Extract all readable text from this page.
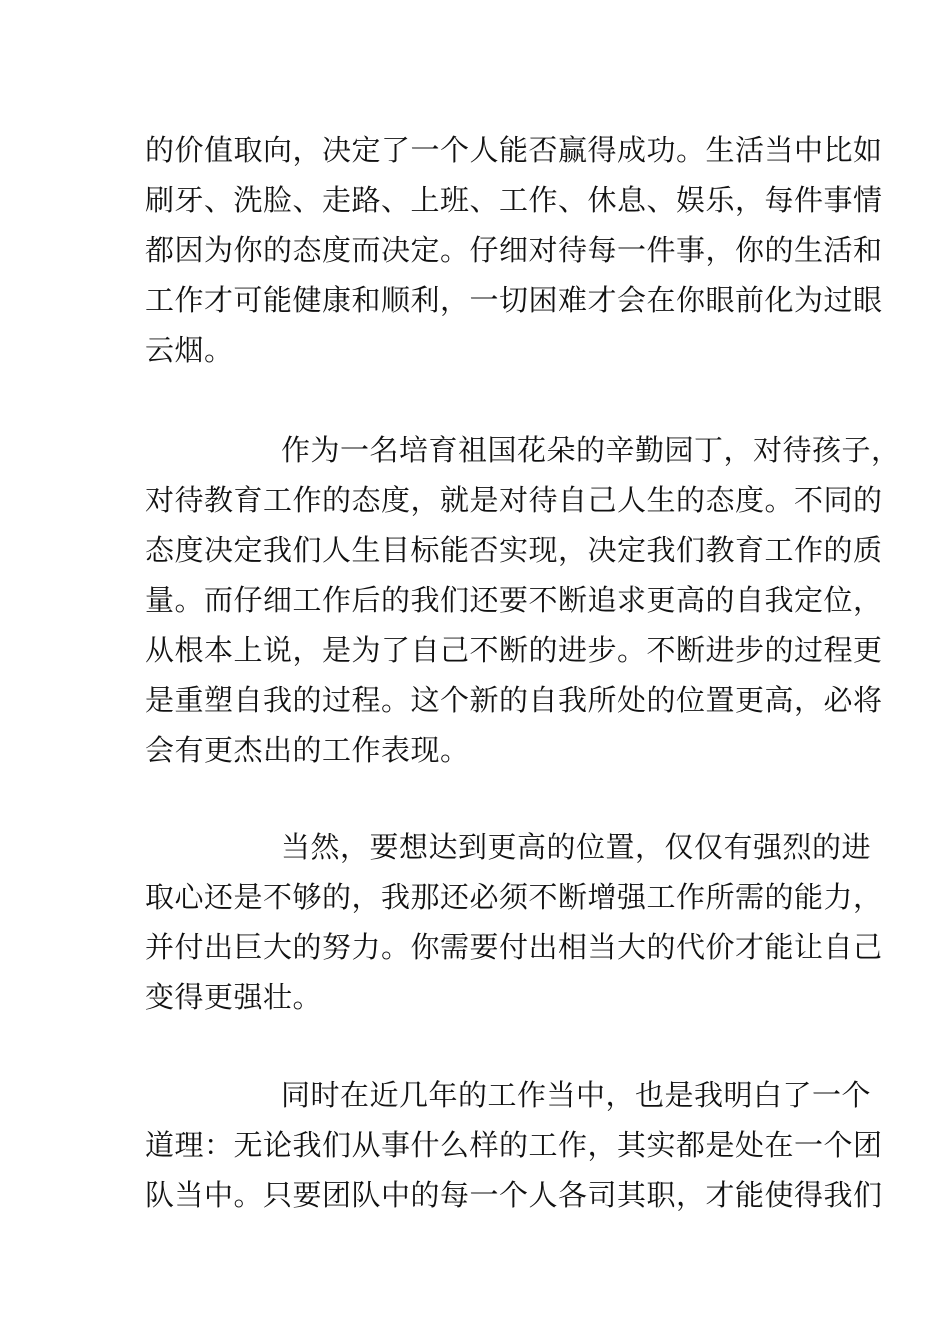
的价值取向，决定了一个人能否赢得成功。生活当中比如
刷牙、洗脸、走路、上班、工作、休息、娱乐，每件事情
都因为你的态度而决定。仔细对待每一件事，你的生活和
工作才可能健康和顺利，一切困难才会在你眼前化为过眼
云烟。
作为一名培育祖国花朵的辛勤园丁，对待孩子，
对待教育工作的态度，就是对待自己人生的态度。不同的
态度决定我们人生目标能否实现，决定我们教育工作的质
量。而仔细工作后的我们还要不断追求更高的自我定位，
从根本上说，是为了自己不断的进步。不断进步的过程更
是重塑自我的过程。这个新的自我所处的位置更高，必将
会有更杰出的工作表现。
当然，要想达到更高的位置，仅仅有强烈的进
取心还是不够的，我那还必须不断增强工作所需的能力，
并付出巨大的努力。你需要付出相当大的代价才能让自己
变得更强壮。
同时在近几年的工作当中，也是我明白了一个
道理：无论我们从事什么样的工作，其实都是处在一个团
队当中。只要团队中的每一个人各司其职，才能使得我们
